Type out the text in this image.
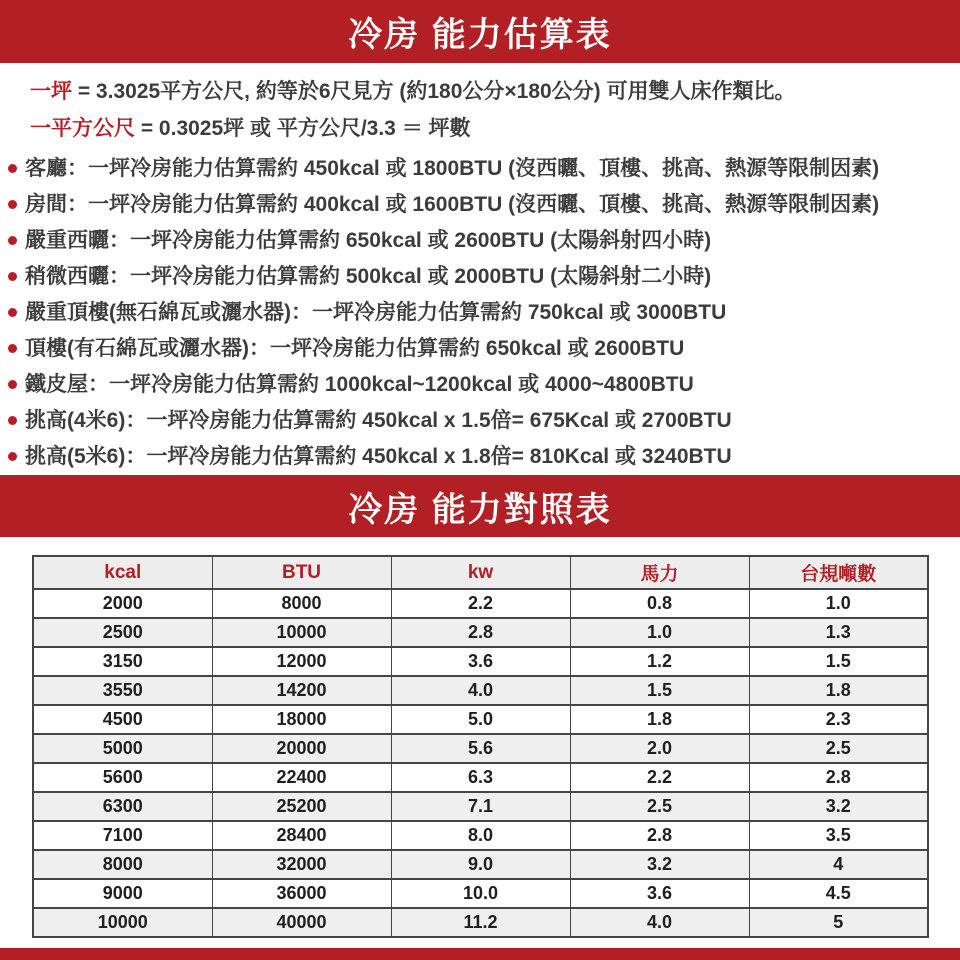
冷房 能力估算表

一坪 = 3.3025平方公尺, 約等於6尺見方 (約180公分×180公分) 可用雙人床作類比。

一平方公尺 = 0.3025坪 或 平方公尺/3.3 ＝ 坪數

客廳：一坪冷房能力估算需約 450kcal 或 1800BTU (沒西曬、頂樓、挑高、熱源等限制因素)
房間：一坪冷房能力估算需約 400kcal 或 1600BTU (沒西曬、頂樓、挑高、熱源等限制因素)
嚴重西曬：一坪冷房能力估算需約 650kcal 或 2600BTU (太陽斜射四小時)
稍微西曬：一坪冷房能力估算需約 500kcal 或 2000BTU (太陽斜射二小時)
嚴重頂樓(無石綿瓦或灑水器)：一坪冷房能力估算需約 750kcal 或 3000BTU
頂樓(有石綿瓦或灑水器)：一坪冷房能力估算需約 650kcal 或 2600BTU
鐵皮屋：一坪冷房能力估算需約 1000kcal~1200kcal 或 4000~4800BTU
挑高(4米6)：一坪冷房能力估算需約 450kcal x 1.5倍= 675Kcal 或 2700BTU
挑高(5米6)：一坪冷房能力估算需約 450kcal x 1.8倍= 810Kcal 或 3240BTU
冷房 能力對照表
kcal	BTU	kw	馬力	台規噸數
2000	8000	2.2	0.8	1.0
2500	10000	2.8	1.0	1.3
3150	12000	3.6	1.2	1.5
3550	14200	4.0	1.5	1.8
4500	18000	5.0	1.8	2.3
5000	20000	5.6	2.0	2.5
5600	22400	6.3	2.2	2.8
6300	25200	7.1	2.5	3.2
7100	28400	8.0	2.8	3.5
8000	32000	9.0	3.2	4
9000	36000	10.0	3.6	4.5
10000	40000	11.2	4.0	5
